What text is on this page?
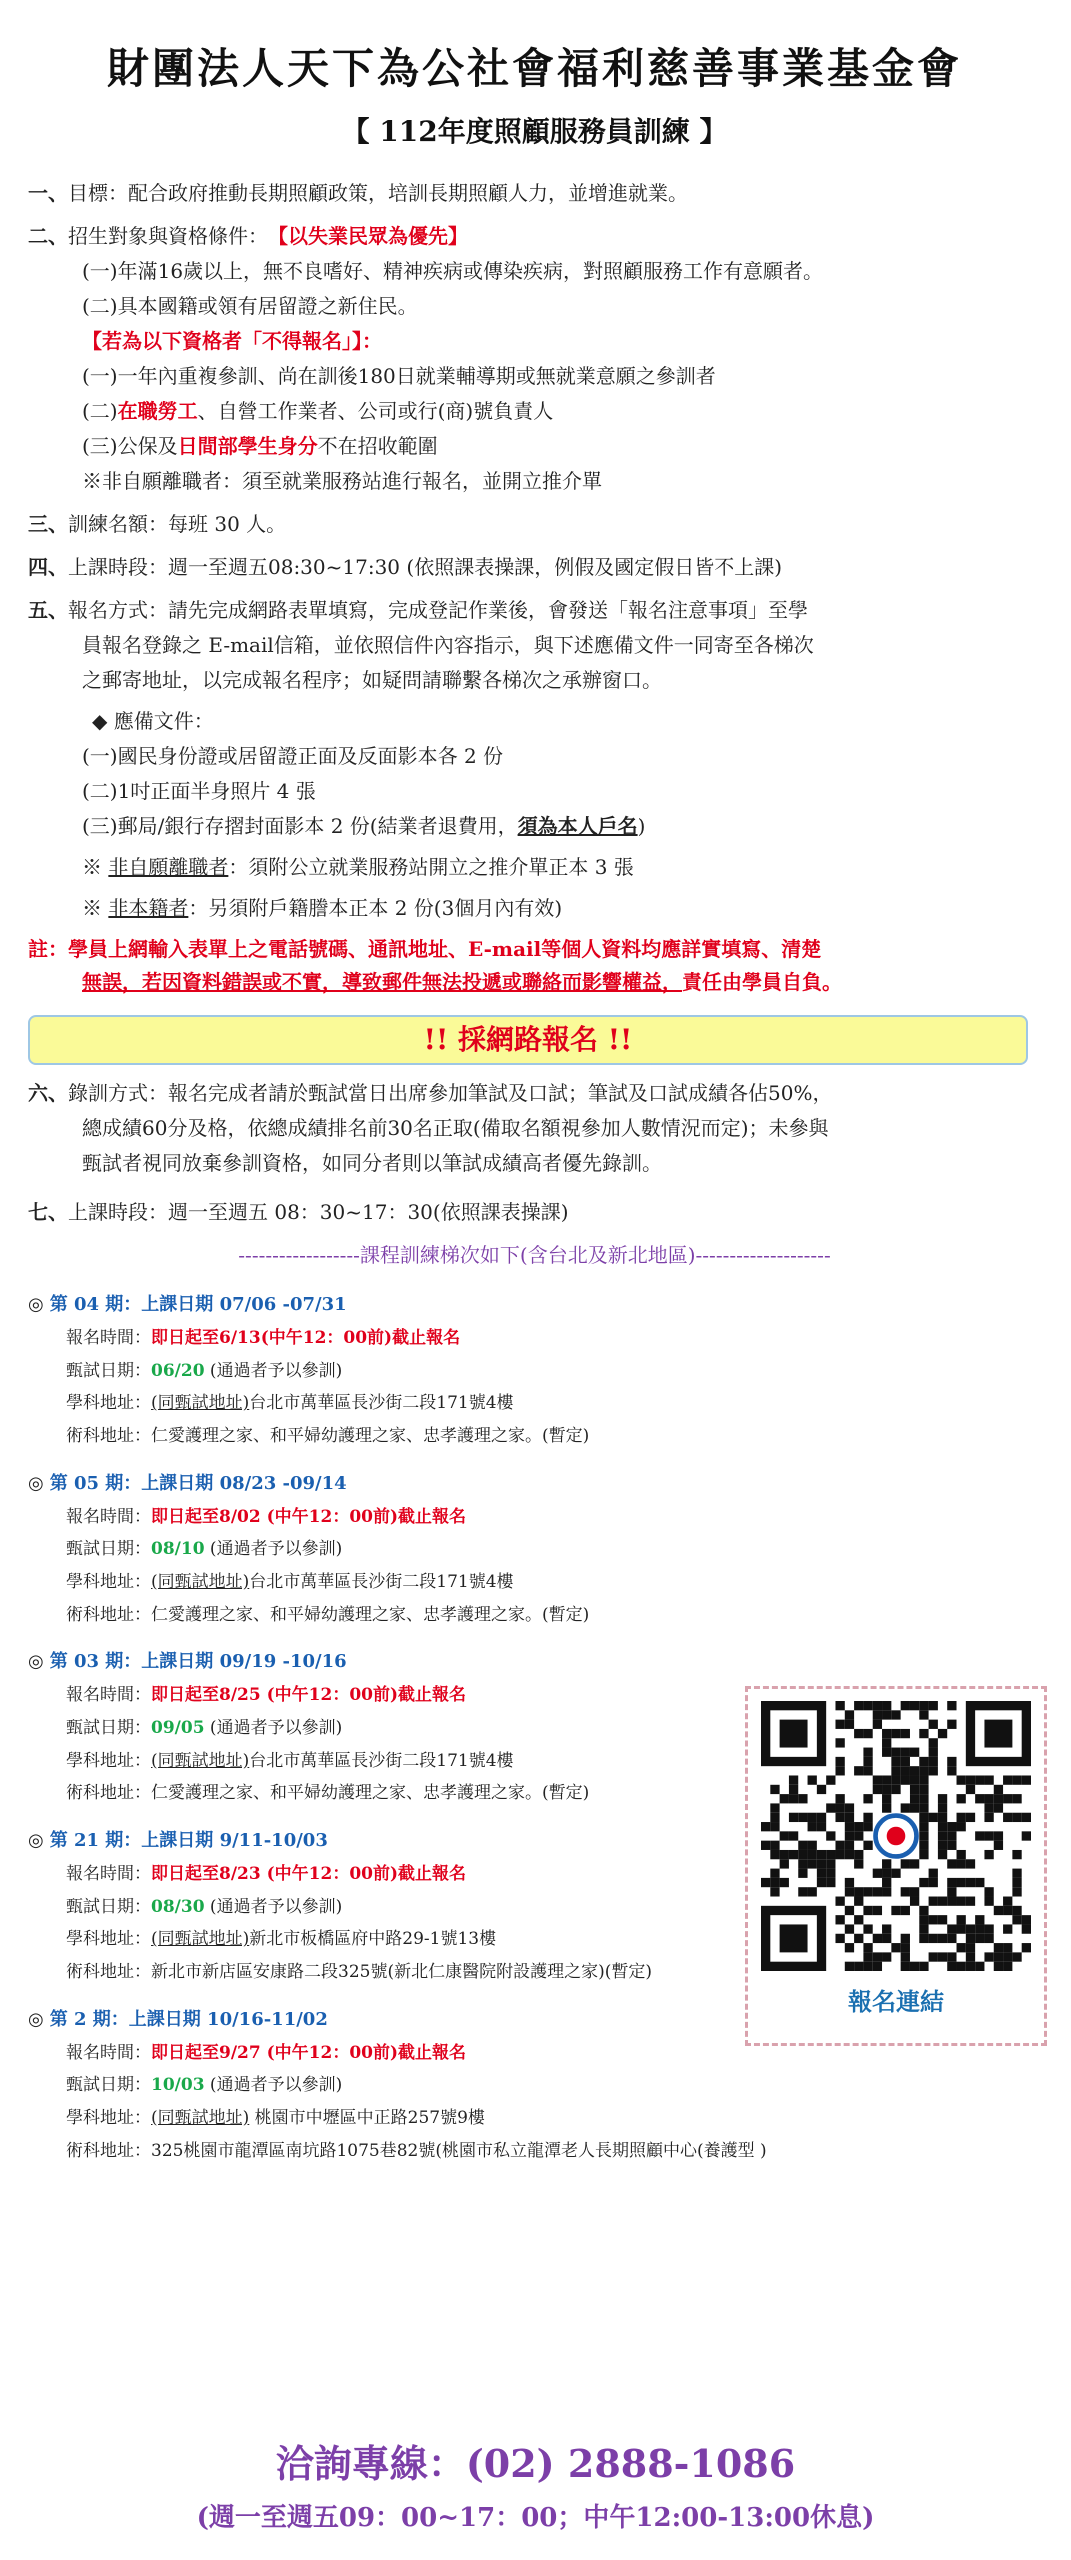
財團法人天下為公社會福利慈善事業基金會
【 112年度照顧服務員訓練 】
一、 目標：配合政府推動長期照顧政策，培訓長期照顧人力，並增進就業。
二、 招生對象與資格條件： 【以失業民眾為優先】
(一)年滿16歲以上，無不良嗜好、精神疾病或傳染疾病，對照顧服務工作有意願者。
(二)具本國籍或領有居留證之新住民。
【若為以下資格者「不得報名」】：
(一)一年內重複參訓、尚在訓後180日就業輔導期或無就業意願之參訓者
(二)在職勞工、自營工作業者、公司或行(商)號負責人
(三)公保及日間部學生身分不在招收範圍
※非自願離職者：須至就業服務站進行報名，並開立推介單
三、 訓練名額：每班 30 人。
四、 上課時段：週一至週五08:30~17:30 (依照課表操課，例假及國定假日皆不上課)
五、 報名方式：請先完成網路表單填寫，完成登記作業後，會發送「報名注意事項」至學
員報名登錄之 E-mail信箱，並依照信件內容指示，與下述應備文件一同寄至各梯次
之郵寄地址，以完成報名程序；如疑問請聯繫各梯次之承辦窗口。
◆ 應備文件：
(一)國民身份證或居留證正面及反面影本各 2 份
(二)1吋正面半身照片 4 張
(三)郵局/銀行存摺封面影本 2 份(結業者退費用，須為本人戶名)
※ 非自願離職者：須附公立就業服務站開立之推介單正本 3 張
※ 非本籍者：另須附戶籍謄本正本 2 份(3個月內有效)
註：學員上網輸入表單上之電話號碼、通訊地址、E-mail等個人資料均應詳實填寫、清楚
無誤，若因資料錯誤或不實，導致郵件無法投遞或聯絡而影響權益，責任由學員自負。
!! 採網路報名 !!
六、 錄訓方式：報名完成者請於甄試當日出席參加筆試及口試；筆試及口試成績各佔50%，
總成績60分及格，依總成績排名前30名正取(備取名額視參加人數情況而定)；未參與
甄試者視同放棄參訓資格，如同分者則以筆試成績高者優先錄訓。
七、 上課時段：週一至週五 08：30~17：30(依照課表操課)
------------------課程訓練梯次如下(含台北及新北地區)--------------------
◎ 第 04 期：上課日期 07/06 -07/31
報名時間：即日起至6/13(中午12：00前)截止報名
甄試日期：06/20 (通過者予以參訓)
學科地址：(同甄試地址)台北市萬華區長沙街二段171號4樓
術科地址：仁愛護理之家、和平婦幼護理之家、忠孝護理之家。(暫定)
◎ 第 05 期：上課日期 08/23 -09/14
報名時間：即日起至8/02 (中午12：00前)截止報名
甄試日期：08/10 (通過者予以參訓)
學科地址：(同甄試地址)台北市萬華區長沙街二段171號4樓
術科地址：仁愛護理之家、和平婦幼護理之家、忠孝護理之家。(暫定)
◎ 第 03 期：上課日期 09/19 -10/16
報名時間：即日起至8/25 (中午12：00前)截止報名
甄試日期：09/05 (通過者予以參訓)
學科地址：(同甄試地址)台北市萬華區長沙街二段171號4樓
術科地址：仁愛護理之家、和平婦幼護理之家、忠孝護理之家。(暫定)
◎ 第 21 期：上課日期 9/11-10/03
報名時間：即日起至8/23 (中午12：00前)截止報名
甄試日期：08/30 (通過者予以參訓)
學科地址：(同甄試地址)新北市板橋區府中路29-1號13樓
術科地址：新北市新店區安康路二段325號(新北仁康醫院附設護理之家)(暫定)
◎ 第 2 期：上課日期 10/16-11/02
報名時間：即日起至9/27 (中午12：00前)截止報名
甄試日期：10/03 (通過者予以參訓)
學科地址：(同甄試地址) 桃園市中壢區中正路257號9樓
術科地址：325桃園市龍潭區南坑路1075巷82號(桃園市私立龍潭老人長期照顧中心(養護型 )
報名連結
洽詢專線：(02) 2888-1086
(週一至週五09：00~17：00；中午12:00-13:00休息)
